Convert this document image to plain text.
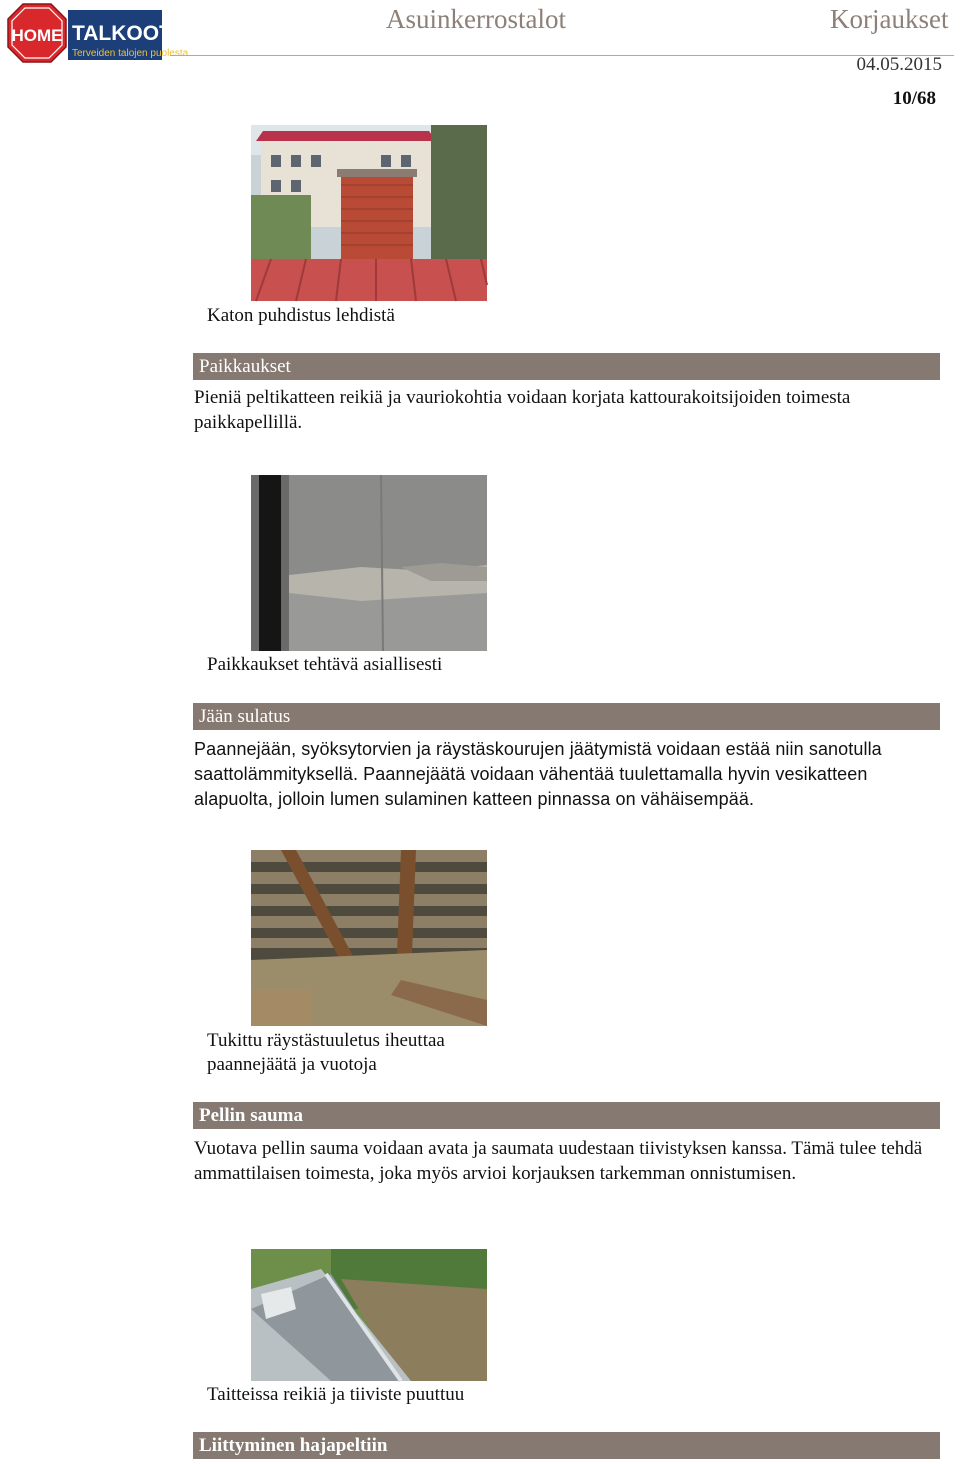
HOME TALKOOT.FI
Terveiden talojen puolesta
Asuinkerrostalot	Korjaukset
04.05.2015
10/68
Katon puhdistus lehdistä
Paikkaukset
Pieniä peltikatteen reikiä ja vauriokohtia voidaan korjata kattourakoitsijoiden toimesta paikkapellillä.
Paikkaukset tehtävä asiallisesti
Jään sulatus
Paannejään, syöksytorvien ja räystäskourujen jäätymistä voidaan estää niin sanotulla saattolämmityksellä. Paannejäätä voidaan vähentää tuulettamalla hyvin vesikatteen alapuolta, jolloin lumen sulaminen katteen pinnassa on vähäisempää.
Tukittu räystästuuletus iheuttaa
paannejäätä ja vuotoja
Pellin sauma
Vuotava pellin sauma voidaan avata ja saumata uudestaan tiivistyksen kanssa. Tämä tulee tehdä ammattilaisen toimesta, joka myös arvioi korjauksen tarkemman onnistumisen.
Taitteissa reikiä ja tiiviste puuttuu
Liittyminen hajapeltiin
